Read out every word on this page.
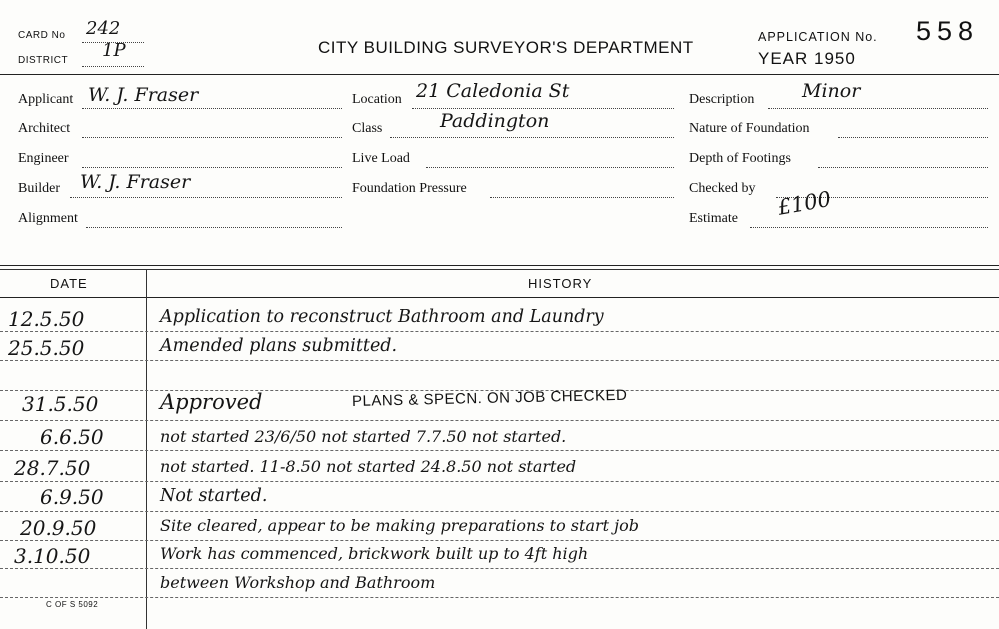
CARD No 242
DISTRICT 1P	CITY BUILDING SURVEYOR'S DEPARTMENT
APPLICATION No. 558
YEAR 1950
Applicant W. J. Fraser
Architect
Engineer
Builder W. J. Fraser
Alignment
Location 21 Caledonia St
Class	Paddington
Live Load
Foundation Pressure
Description	Minor
Nature of Foundation
Depth of Footings
Checked by
Estimate £100
DATE	HISTORY
12.5.50	Application to reconstruct Bathroom and Laundry
25.5.50	Amended plans submitted.
31.5.50	Approved	PLANS & SPECN. ON JOB CHECKED
6.6.50	not started 23/6/50 not started 7.7.50 not started.
28.7.50	not started. 11-8.50 not started 24.8.50 not started
6.9.50	Not started.
20.9.50	Site cleared, appear to be making preparations to start job
3.10.50	Work has commenced, brickwork built up to 4ft high
between Workshop and Bathroom
C OF S 5092
